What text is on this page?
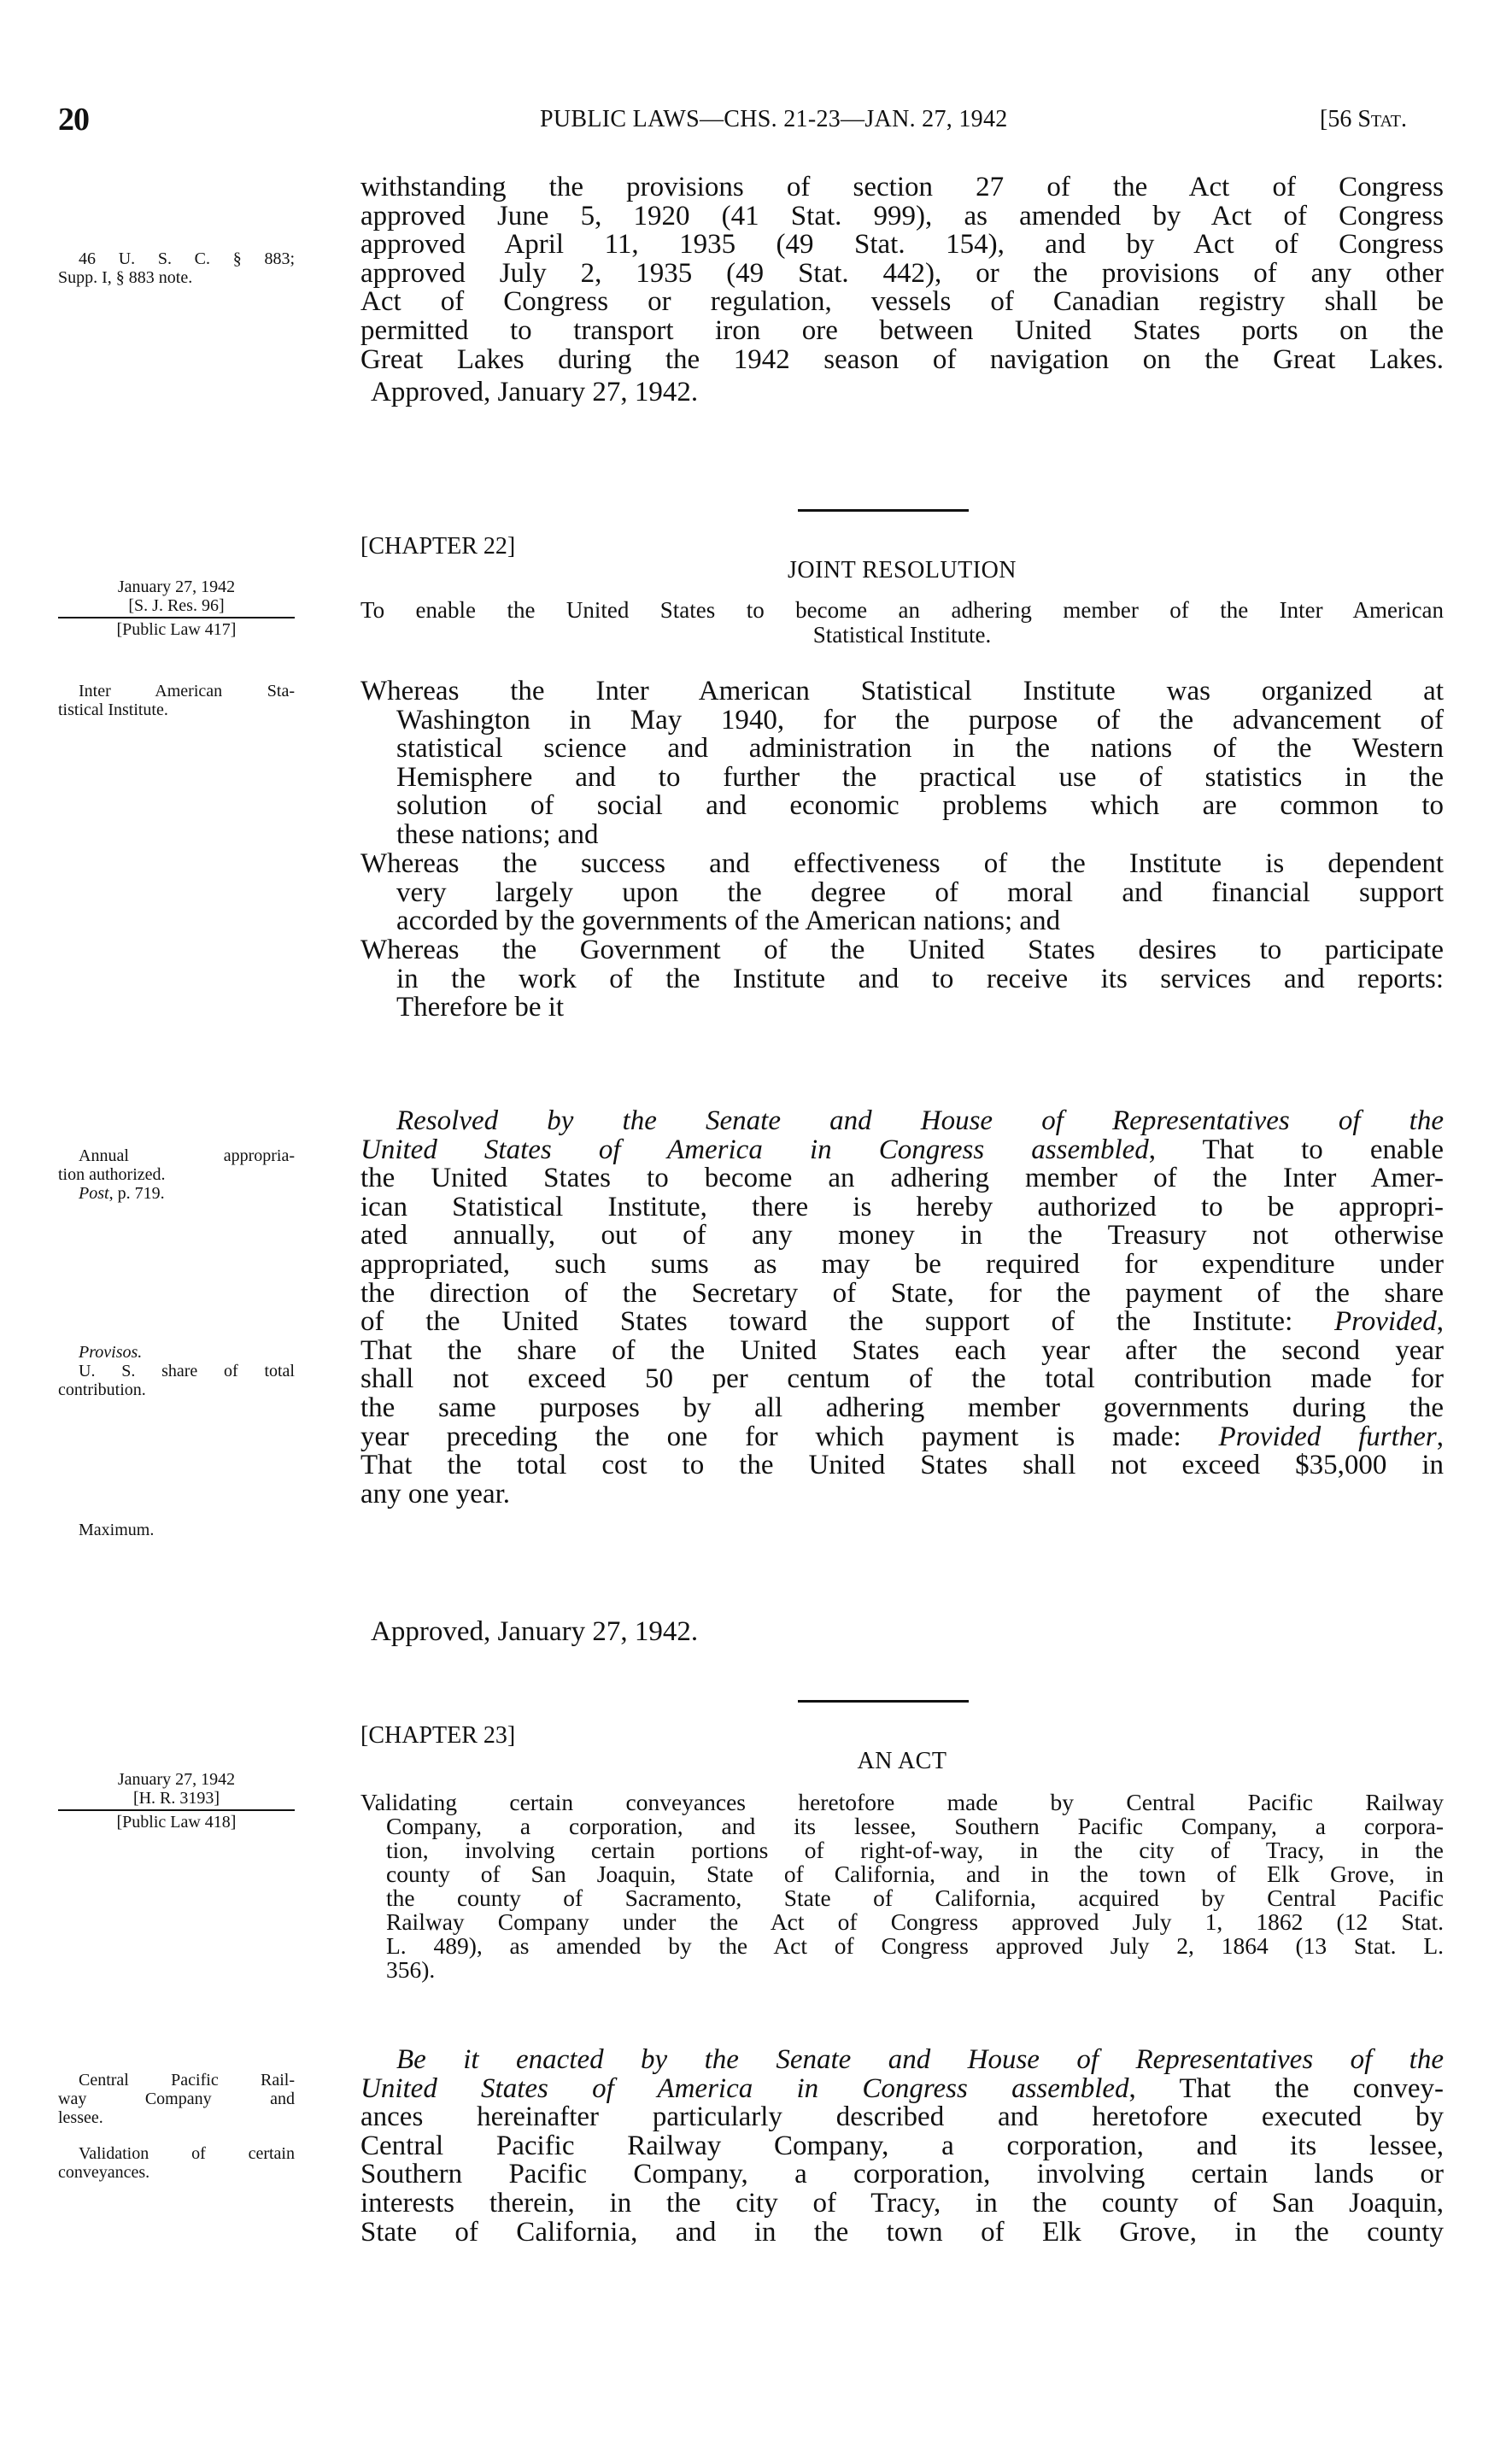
20	PUBLIC LAWS—CHS. 21-23—JAN. 27, 1942	[56 Stat.
46 U. S. C. § 883;
Supp. I, § 883 note.
withstanding the provisions of section 27 of the Act of Congress
approved June 5, 1920 (41 Stat. 999), as amended by Act of Congress
approved April 11, 1935 (49 Stat. 154), and by Act of Congress
approved July 2, 1935 (49 Stat. 442), or the provisions of any other
Act of Congress or regulation, vessels of Canadian registry shall be
permitted to transport iron ore between United States ports on the
Great Lakes during the 1942 season of navigation on the Great Lakes.
Approved, January 27, 1942.
[CHAPTER 22]
JOINT RESOLUTION
January 27, 1942
[S. J. Res. 96]
[Public Law 417]
To enable the United States to become an adhering member of the Inter American
Statistical Institute.
Inter American Sta-
tistical Institute.
Whereas the Inter American Statistical Institute was organized at
Washington in May 1940, for the purpose of the advancement of
statistical science and administration in the nations of the Western
Hemisphere and to further the practical use of statistics in the
solution of social and economic problems which are common to
these nations; and
Whereas the success and effectiveness of the Institute is dependent
very largely upon the degree of moral and financial support
accorded by the governments of the American nations; and
Whereas the Government of the United States desires to participate
in the work of the Institute and to receive its services and reports:
Therefore be it
Annual appropria-
tion authorized.
Post, p. 719.
Resolved by the Senate and House of Representatives of the
United States of America in Congress assembled, That to enable
the United States to become an adhering member of the Inter Amer-
ican Statistical Institute, there is hereby authorized to be appropri-
ated annually, out of any money in the Treasury not otherwise
appropriated, such sums as may be required for expenditure under
the direction of the Secretary of State, for the payment of the share
of the United States toward the support of the Institute: Provided,
That the share of the United States each year after the second year
shall not exceed 50 per centum of the total contribution made for
the same purposes by all adhering member governments during the
year preceding the one for which payment is made: Provided further,
That the total cost to the United States shall not exceed $35,000 in
any one year.
Provisos.
U. S. share of total
contribution.
Maximum.
Approved, January 27, 1942.
[CHAPTER 23]
AN ACT
January 27, 1942
[H. R. 3193]
[Public Law 418]
Validating certain conveyances heretofore made by Central Pacific Railway
Company, a corporation, and its lessee, Southern Pacific Company, a corpora-
tion, involving certain portions of right-of-way, in the city of Tracy, in the
county of San Joaquin, State of California, and in the town of Elk Grove, in
the county of Sacramento, State of California, acquired by Central Pacific
Railway Company under the Act of Congress approved July 1, 1862 (12 Stat.
L. 489), as amended by the Act of Congress approved July 2, 1864 (13 Stat. L.
356).
Central Pacific Rail-
way Company and
lessee.
Validation of certain
conveyances.
Be it enacted by the Senate and House of Representatives of the
United States of America in Congress assembled, That the convey-
ances hereinafter particularly described and heretofore executed by
Central Pacific Railway Company, a corporation, and its lessee,
Southern Pacific Company, a corporation, involving certain lands or
interests therein, in the city of Tracy, in the county of San Joaquin,
State of California, and in the town of Elk Grove, in the county
